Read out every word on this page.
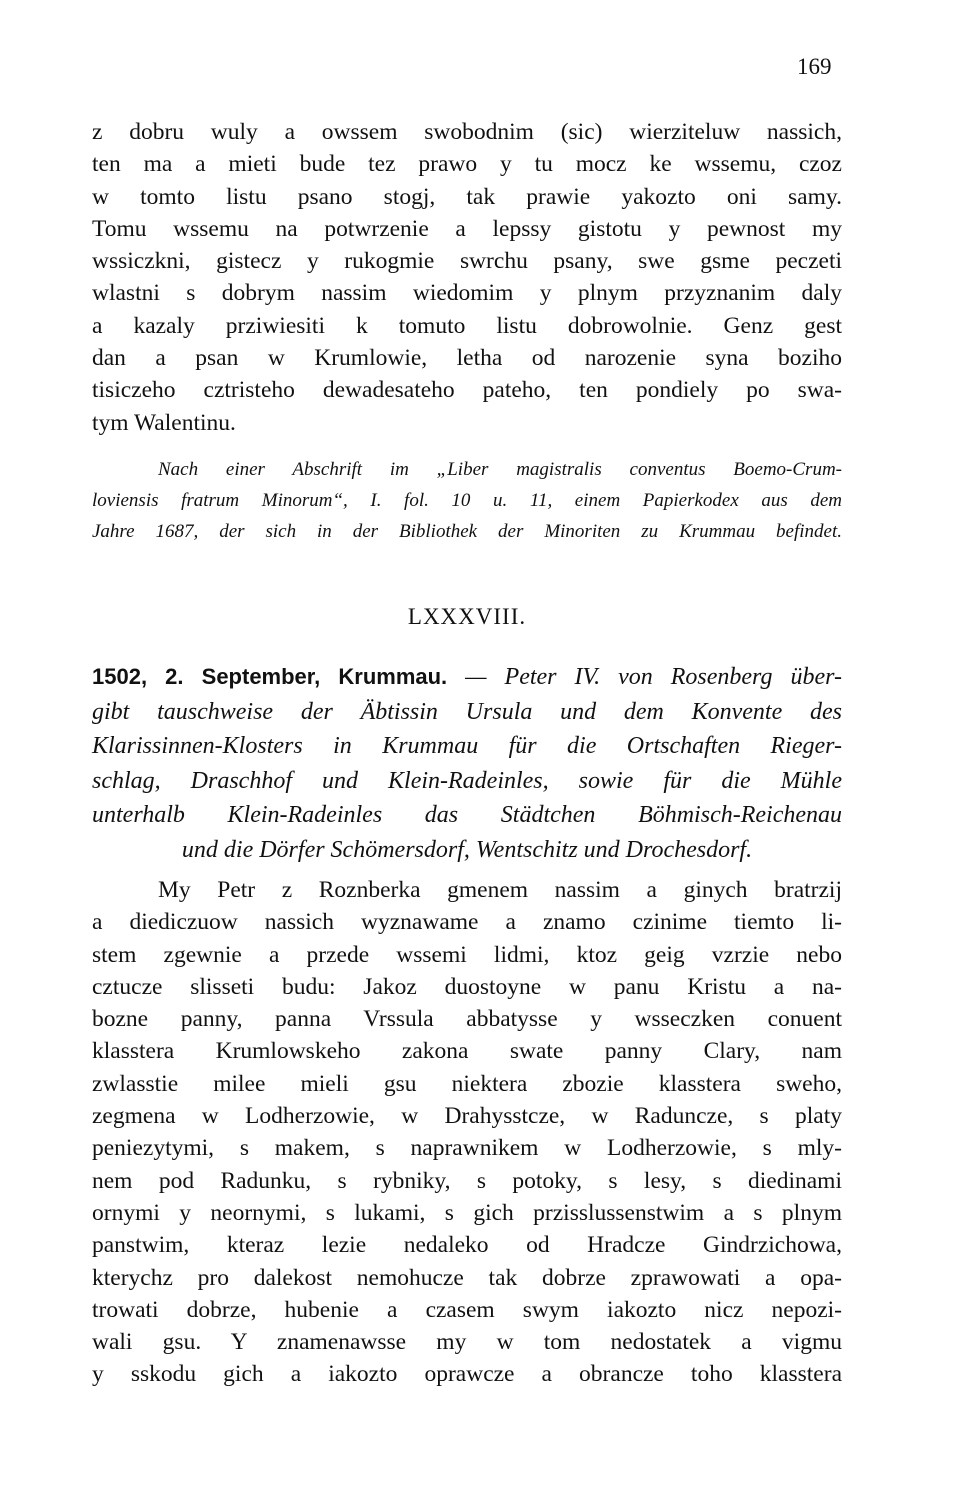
169
z dobru wuly a owssem swobodnim (sic) wierziteluw nassich,
ten ma a mieti bude tez prawo y tu mocz ke wssemu, czoz
w tomto listu psano stogj, tak prawie yakozto oni samy.
Tomu wssemu na potwrzenie a lepssy gistotu y pewnost my
wssiczkni, gistecz y rukogmie swrchu psany, swe gsme peczeti
wlastni s dobrym nassim wiedomim y plnym przyznanim daly
a kazaly prziwiesiti k tomuto listu dobrowolnie. Genz gest
dan a psan w Krumlowie, letha od narozenie syna boziho
tisiczeho cztristeho dewadesateho pateho, ten pondiely po swa-
tym Walentinu.
Nach einer Abschrift im „Liber magistralis conventus Boemo-Crum-
loviensis fratrum Minorum“, I. fol. 10 u. 11, einem Papierkodex aus dem
Jahre 1687, der sich in der Bibliothek der Minoriten zu Krummau befindet.
LXXXVIII.
1502, 2. September, Krummau. — Peter IV. von Rosenberg über-
gibt tauschweise der Äbtissin Ursula und dem Konvente des
Klarissinnen-Klosters in Krummau für die Ortschaften Rieger-
schlag, Draschhof und Klein-Radeinles, sowie für die Mühle
unterhalb Klein-Radeinles das Städtchen Böhmisch-Reichenau
und die Dörfer Schömersdorf, Wentschitz und Drochesdorf.
My Petr z Roznberka gmenem nassim a ginych bratrzij
a diediczuow nassich wyznawame a znamo czinime tiemto li-
stem zgewnie a przede wssemi lidmi, ktoz geig vzrzie nebo
cztucze slisseti budu: Jakoz duostoyne w panu Kristu a na-
bozne panny, panna Vrssula abbatysse y wsseczken conuent
klasstera Krumlowskeho zakona swate panny Clary, nam
zwlasstie milee mieli gsu niektera zbozie klasstera sweho,
zegmena w Lodherzowie, w Drahysstcze, w Raduncze, s platy
peniezytymi, s makem, s naprawnikem w Lodherzowie, s mly-
nem pod Radunku, s rybniky, s potoky, s lesy, s diedinami
ornymi y neornymi, s lukami, s gich przisslussenstwim a s plnym
panstwim, kteraz lezie nedaleko od Hradcze Gindrzichowa,
kterychz pro dalekost nemohucze tak dobrze zprawowati a opa-
trowati dobrze, hubenie a czasem swym iakozto nicz nepozi-
wali gsu. Y znamenawsse my w tom nedostatek a vigmu
y sskodu gich a iakozto oprawcze a obrancze toho klasstera
